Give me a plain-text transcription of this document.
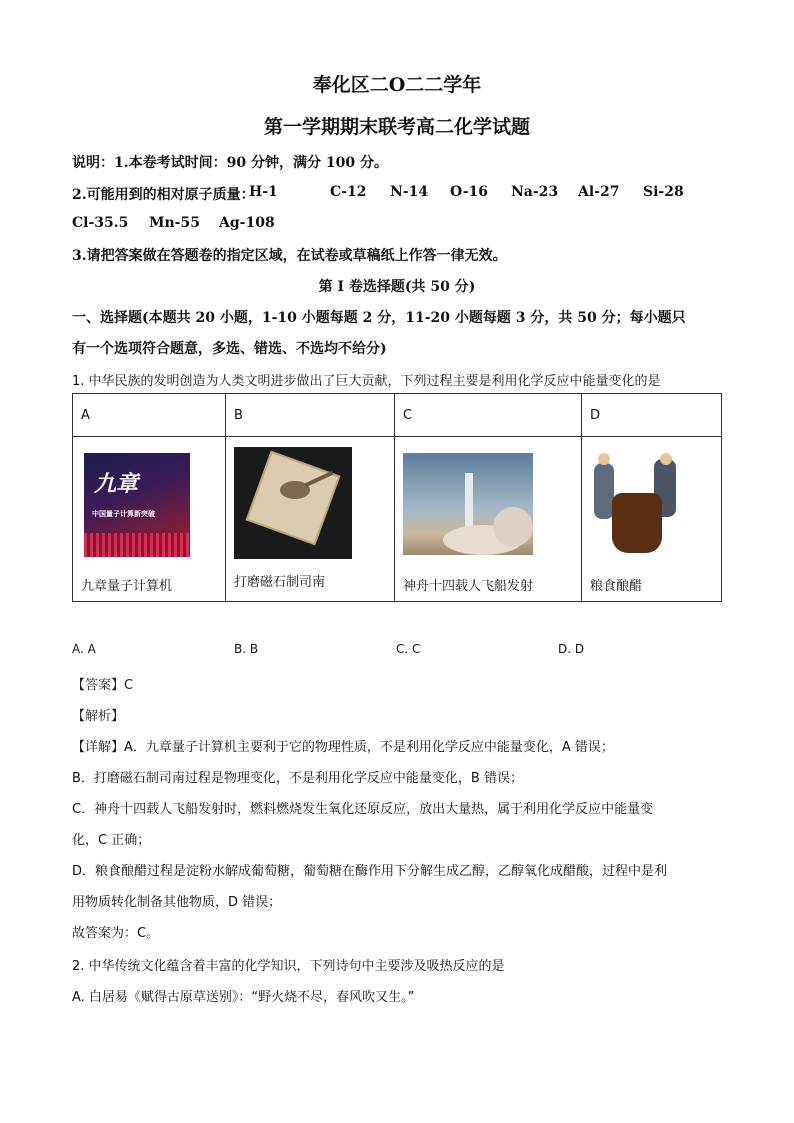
奉化区二O二二学年
第一学期期末联考高二化学试题
说明：1.本卷考试时间：90 分钟，满分 100 分。
2.可能用到的相对原子质量：
H-1	C-12 N-14 O-16 Na-23 Al-27 Si-28
Cl-35.5 Mn-55 Ag-108
3.请把答案做在答题卷的指定区域，在试卷或草稿纸上作答一律无效。
第 I 卷选择题(共 50 分)
一、选择题(本题共 20 小题，1-10 小题每题 2 分，11-20 小题每题 3 分，共 50 分；每小题只
有一个选项符合题意，多选、错选、不选均不给分)
1. 中华民族的发明创造为人类文明进步做出了巨大贡献，下列过程主要是利用化学反应中能量变化的是
A	B	C	D

九章
中国量子计算新突破
九章量子计算机	打磨磁石制司南	神舟十四载人飞船发射	粮食酿醋
A. A	B. B	C. C	D. D
【答案】C
【解析】
【详解】A．九章量子计算机主要利于它的物理性质，不是利用化学反应中能量变化，A 错误；
B．打磨磁石制司南过程是物理变化，不是利用化学反应中能量变化，B 错误；
C．神舟十四载人飞船发射时，燃料燃烧发生氧化还原反应，放出大量热，属于利用化学反应中能量变
化，C 正确；
D．粮食酿醋过程是淀粉水解成葡萄糖，葡萄糖在酶作用下分解生成乙醇，乙醇氧化成醋酸，过程中是利
用物质转化制备其他物质，D 错误；
故答案为：C。
2. 中华传统文化蕴含着丰富的化学知识，下列诗句中主要涉及吸热反应的是
A. 白居易《赋得古原草送别》：“野火烧不尽，春风吹又生。”
